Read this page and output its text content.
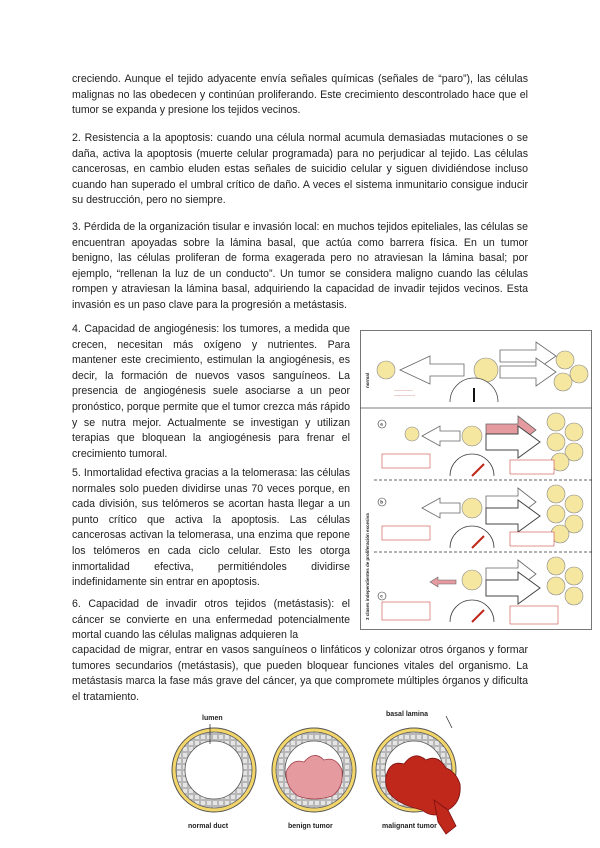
creciendo. Aunque el tejido adyacente envía señales químicas (señales de “paro”), las células malignas no las obedecen y continúan proliferando. Este crecimiento descontrolado hace que el tumor se expanda y presione los tejidos vecinos.

2. Resistencia a la apoptosis: cuando una célula normal acumula demasiadas mutaciones o se daña, activa la apoptosis (muerte celular programada) para no perjudicar al tejido. Las células cancerosas, en cambio eluden estas señales de suicidio celular y siguen dividiéndose incluso cuando han superado el umbral crítico de daño. A veces el sistema inmunitario consigue inducir su destrucción, pero no siempre.

3. Pérdida de la organización tisular e invasión local: en muchos tejidos epiteliales, las células se encuentran apoyadas sobre la lámina basal, que actúa como barrera física. En un tumor benigno, las células proliferan de forma exagerada pero no atraviesan la lámina basal; por ejemplo, “rellenan la luz de un conducto”. Un tumor se considera maligno cuando las células rompen y atraviesan la lámina basal, adquiriendo la capacidad de invadir tejidos vecinos. Esta invasión es un paso clave para la progresión a metástasis.

4. Capacidad de angiogénesis: los tumores, a medida que crecen, necesitan más oxígeno y nutrientes. Para mantener este crecimiento, estimulan la angiogénesis, es decir, la formación de nuevos vasos sanguíneos. La presencia de angiogénesis suele asociarse a un peor pronóstico, porque permite que el tumor crezca más rápido y se nutra mejor. Actualmente se investigan y utilizan terapias que bloquean la angiogénesis para frenar el crecimiento tumoral.

5. Inmortalidad efectiva gracias a la telomerasa: las células normales solo pueden dividirse unas 70 veces porque, en cada división, sus telómeros se acortan hasta llegar a un punto crítico que activa la apoptosis. Las células cancerosas activan la telomerasa, una enzima que repone los telómeros en cada ciclo celular. Esto les otorga inmortalidad efectiva, permitiéndoles dividirse indefinidamente sin entrar en apoptosis.

6. Capacidad de invadir otros tejidos (metástasis): el cáncer se convierte en una enfermedad potencialmente mortal cuando las células malignas adquieren la

capacidad de migrar, entrar en vasos sanguíneos o linfáticos y colonizar otros órganos y formar tumores secundarios (metástasis), que pueden bloquear funciones vitales del organismo. La metástasis marca la fase más grave del cáncer, ya que compromete múltiples órganos y dificulta el tratamiento.

normal
3 clases independientes de proliferación excesiva
~~~~~~~~
~~~~~~~~~
a
b
c
lumen
basal lamina
normal duct	benign tumor	malignant tumor
